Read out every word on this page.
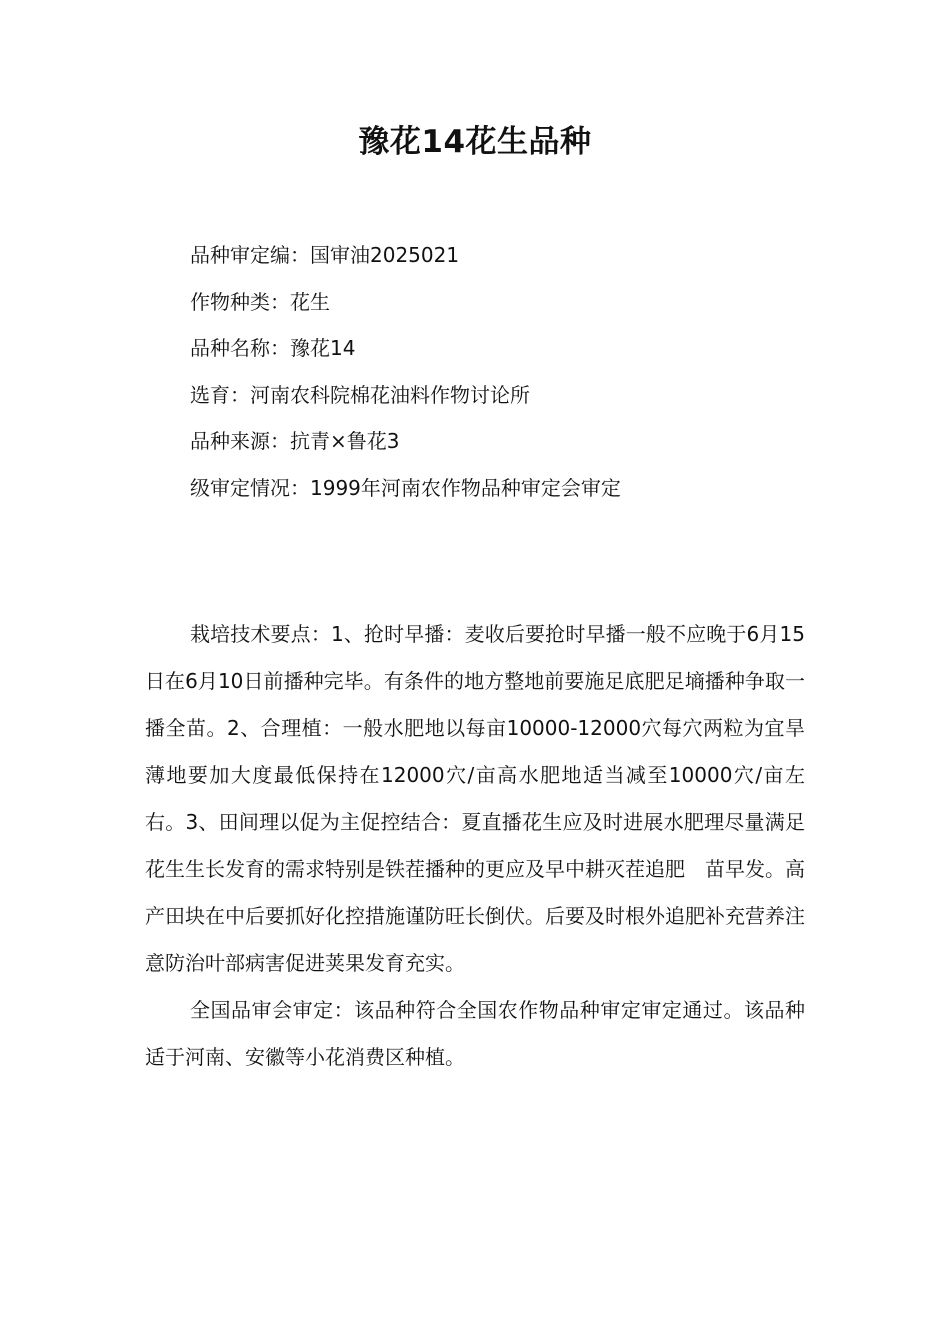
豫花14花生品种
品种审定编：国审油2025021
作物种类：花生
品种名称：豫花14
选育：河南农科院棉花油料作物讨论所
品种来源：抗青×鲁花3
级审定情况：1999年河南农作物品种审定会审定

栽培技术要点：1、抢时早播：麦收后要抢时早播一般不应晚于6月15日在6月10日前播种完毕。有条件的地方整地前要施足底肥足墒播种争取一播全苗。2、合理植：一般水肥地以每亩10000-12000穴每穴两粒为宜旱薄地要加大度最低保持在12000穴/亩高水肥地适当减至10000穴/亩左右。3、田间理以促为主促控结合：夏直播花生应及时进展水肥理尽量满足花生生长发育的需求特别是铁茬播种的更应及早中耕灭茬追肥　苗早发。高产田块在中后要抓好化控措施谨防旺长倒伏。后要及时根外追肥补充营养注意防治叶部病害促进荚果发育充实。

全国品审会审定：该品种符合全国农作物品种审定审定通过。该品种适于河南、安徽等小花消费区种植。
